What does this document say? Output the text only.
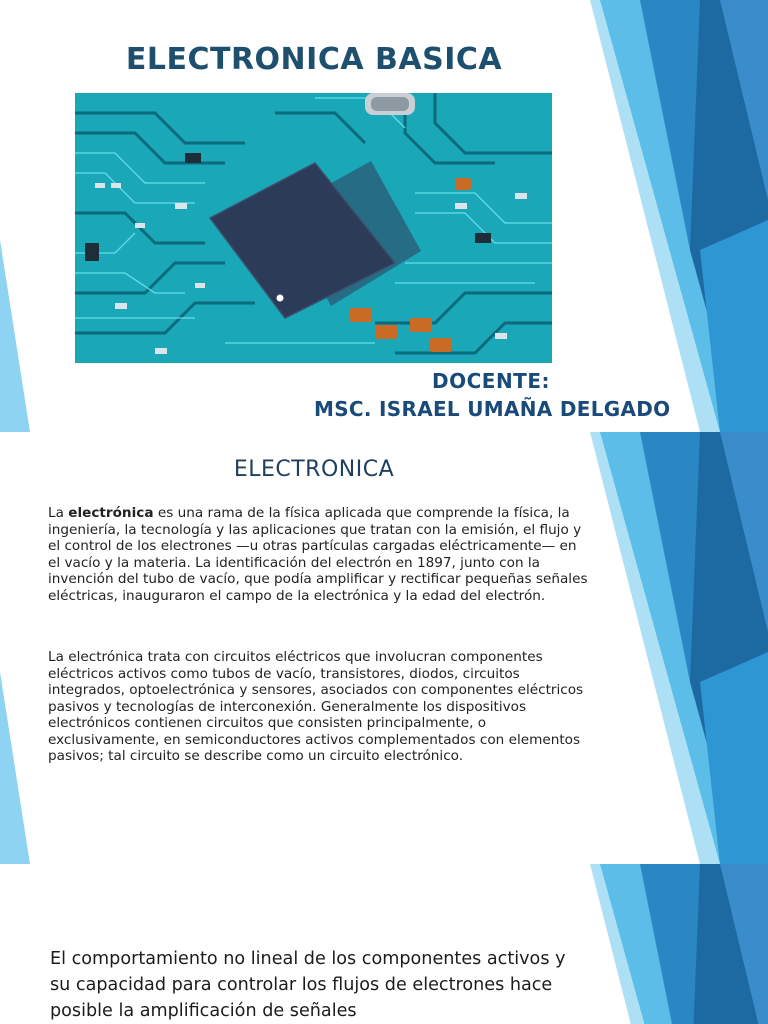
ELECTRONICA BASICA
DOCENTE:
MSC. ISRAEL UMAÑA DELGADO
ELECTRONICA

La electrónica es una rama de la física aplicada que comprende la física, la ingeniería, la tecnología y las aplicaciones que tratan con la emisión, el flujo y el control de los electrones —u otras partículas cargadas eléctricamente— en el vacío y la materia. La identificación del electrón en 1897, junto con la invención del tubo de vacío, que podía amplificar y rectificar pequeñas señales eléctricas, inauguraron el campo de la electrónica y la edad del electrón.

La electrónica trata con circuitos eléctricos que involucran componentes eléctricos activos como tubos de vacío, transistores, diodos, circuitos integrados, optoelectrónica y sensores, asociados con componentes eléctricos pasivos y tecnologías de interconexión. Generalmente los dispositivos electrónicos contienen circuitos que consisten principalmente, o exclusivamente, en semiconductores activos complementados con elementos pasivos; tal circuito se describe como un circuito electrónico.

El comportamiento no lineal de los componentes activos y su capacidad para controlar los flujos de electrones hace posible la amplificación de señales
